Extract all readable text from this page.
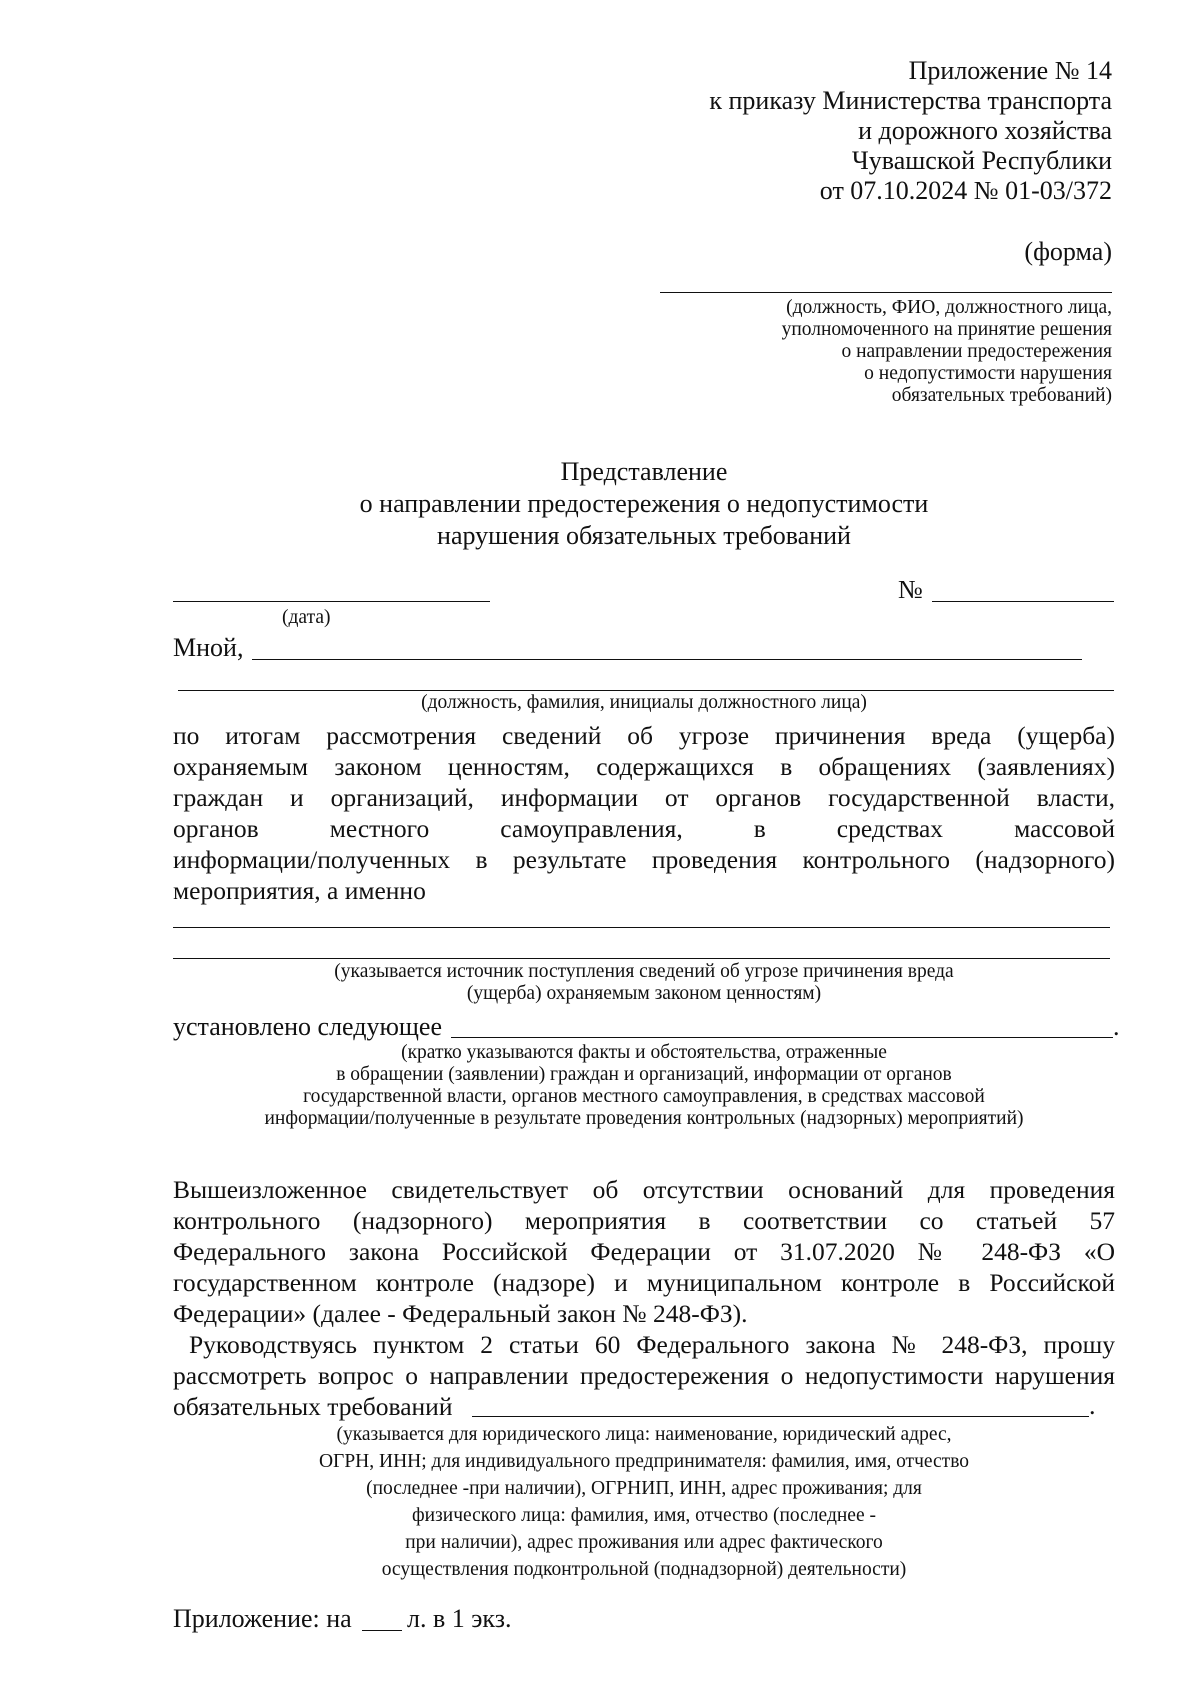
Приложение № 14
к приказу Министерства транспорта
и дорожного хозяйства
Чувашской Республики
от 07.10.2024 № 01-03/372
(форма)
(должность, ФИО, должностного лица,
уполномоченного на принятие решения
о направлении предостережения
о недопустимости нарушения
обязательных требований)
Представление
о направлении предостережения о недопустимости
нарушения обязательных требований
№
(дата)
Мной,
(должность, фамилия, инициалы должностного лица)
по итогам рассмотрения сведений об угрозе причинения вреда (ущерба)
охраняемым законом ценностям, содержащихся в обращениях (заявлениях)
граждан и организаций, информации от органов государственной власти,
органов местного самоуправления, в средствах массовой
информации/полученных в результате проведения контрольного (надзорного)
мероприятия, а именно
(указывается источник поступления сведений об угрозе причинения вреда
(ущерба) охраняемым законом ценностям)
установлено следующее	.
(кратко указываются факты и обстоятельства, отраженные
в обращении (заявлении) граждан и организаций, информации от органов
государственной власти, органов местного самоуправления, в средствах массовой
информации/полученные в результате проведения контрольных (надзорных) мероприятий)
Вышеизложенное свидетельствует об отсутствии оснований для проведения
контрольного (надзорного) мероприятия в соответствии со статьей 57
Федерального закона Российской Федерации от 31.07.2020 № 248-ФЗ «О
государственном контроле (надзоре) и муниципальном контроле в Российской
Федерации» (далее - Федеральный закон № 248-ФЗ).
Руководствуясь пунктом 2 статьи 60 Федерального закона № 248-ФЗ, прошу
рассмотреть вопрос о направлении предостережения о недопустимости нарушения
обязательных требований	.
(указывается для юридического лица: наименование, юридический адрес,
ОГРН, ИНН; для индивидуального предпринимателя: фамилия, имя, отчество
(последнее -при наличии), ОГРНИП, ИНН, адрес проживания; для
физического лица: фамилия, имя, отчество (последнее -
при наличии), адрес проживания или адрес фактического
осуществления подконтрольной (поднадзорной) деятельности)
Приложение: на л. в 1 экз.
